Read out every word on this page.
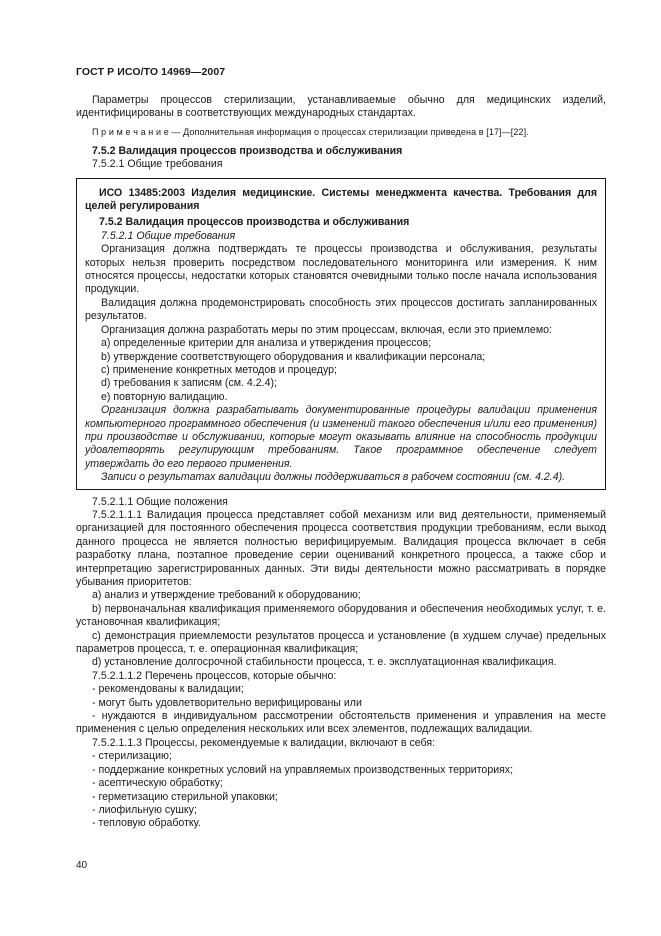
ГОСТ Р ИСО/ТО 14969—2007

Параметры процессов стерилизации, устанавливаемые обычно для медицинских изделий, идентифицированы в соответствующих международных стандартах.

П р и м е ч а н и е — Дополнительная информация о процессах стерилизации приведена в [17]—[22].

7.5.2 Валидация процессов производства и обслуживания

7.5.2.1 Общие требования

ИСО 13485:2003 Изделия медицинские. Системы менеджмента качества. Требования для целей регулирования

7.5.2 Валидация процессов производства и обслуживания

7.5.2.1 Общие требования

Организация должна подтверждать те процессы производства и обслуживания, результаты которых нельзя проверить посредством последовательного мониторинга или измерения. К ним относятся процессы, недостатки которых становятся очевидными только после начала использования продукции.

Валидация должна продемонстрировать способность этих процессов достигать запланированных результатов.

Организация должна разработать меры по этим процессам, включая, если это приемлемо:

a) определенные критерии для анализа и утверждения процессов;

b) утверждение соответствующего оборудования и квалификации персонала;

c) применение конкретных методов и процедур;

d) требования к записям (см. 4.2.4);

e) повторную валидацию.

Организация должна разрабатывать документированные процедуры валидации применения компьютерного программного обеспечения (и изменений такого обеспечения и/или его применения) при производстве и обслуживании, которые могут оказывать влияние на способность продукции удовлетворять регулирующим требованиям. Такое программное обеспечение следует утверждать до его первого применения.

Записи о результатах валидации должны поддерживаться в рабочем состоянии (см. 4.2.4).

7.5.2.1.1 Общие положения

7.5.2.1.1.1 Валидация процесса представляет собой механизм или вид деятельности, применяемый организацией для постоянного обеспечения процесса соответствия продукции требованиям, если выход данного процесса не является полностью верифицируемым. Валидация процесса включает в себя разработку плана, поэтапное проведение серии оцениваний конкретного процесса, а также сбор и интерпретацию зарегистрированных данных. Эти виды деятельности можно рассматривать в порядке убывания приоритетов:

a) анализ и утверждение требований к оборудованию;

b) первоначальная квалификация применяемого оборудования и обеспечения необходимых услуг, т. е. установочная квалификация;

c) демонстрация приемлемости результатов процесса и установление (в худшем случае) предельных параметров процесса, т. е. операционная квалификация;

d) установление долгосрочной стабильности процесса, т. е. эксплуатационная квалификация.

7.5.2.1.1.2 Перечень процессов, которые обычно:

- рекомендованы к валидации;

- могут быть удовлетворительно верифицированы или

- нуждаются в индивидуальном рассмотрении обстоятельств применения и управления на месте применения с целью определения нескольких или всех элементов, подлежащих валидации.

7.5.2.1.1.3 Процессы, рекомендуемые к валидации, включают в себя:

- стерилизацию;

- поддержание конкретных условий на управляемых производственных территориях;

- асептическую обработку;

- герметизацию стерильной упаковки;

- лиофильную сушку;

- тепловую обработку.

40
